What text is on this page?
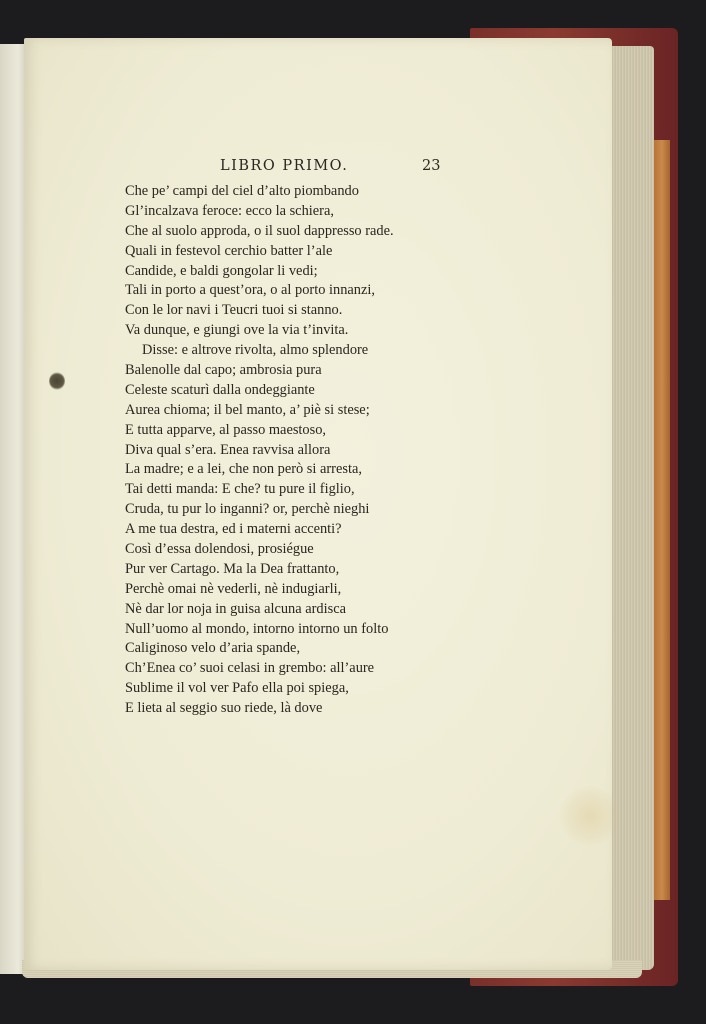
LIBRO PRIMO.	23
Che pe’ campi del ciel d’alto piombando
Gl’incalzava feroce: ecco la schiera,
Che al suolo approda, o il suol dappresso rade.
Quali in festevol cerchio batter l’ale
Candide, e baldi gongolar li vedi;
Tali in porto a quest’ora, o al porto innanzi,
Con le lor navi i Teucri tuoi si stanno.
Va dunque, e giungi ove la via t’invita.
Disse: e altrove rivolta, almo splendore
Balenolle dal capo; ambrosia pura
Celeste scaturì dalla ondeggiante
Aurea chioma; il bel manto, a’ piè si stese;
E tutta apparve, al passo maestoso,
Diva qual s’era. Enea ravvisa allora
La madre; e a lei, che non però si arresta,
Tai detti manda: E che? tu pure il figlio,
Cruda, tu pur lo inganni? or, perchè nieghi
A me tua destra, ed i materni accenti?
Così d’essa dolendosi, prosiégue
Pur ver Cartago. Ma la Dea frattanto,
Perchè omai nè vederli, nè indugiarli,
Nè dar lor noja in guisa alcuna ardisca
Null’uomo al mondo, intorno intorno un folto
Caliginoso velo d’aria spande,
Ch’Enea co’ suoi celasi in grembo: all’aure
Sublime il vol ver Pafo ella poi spiega,
E lieta al seggio suo riede, là dove
